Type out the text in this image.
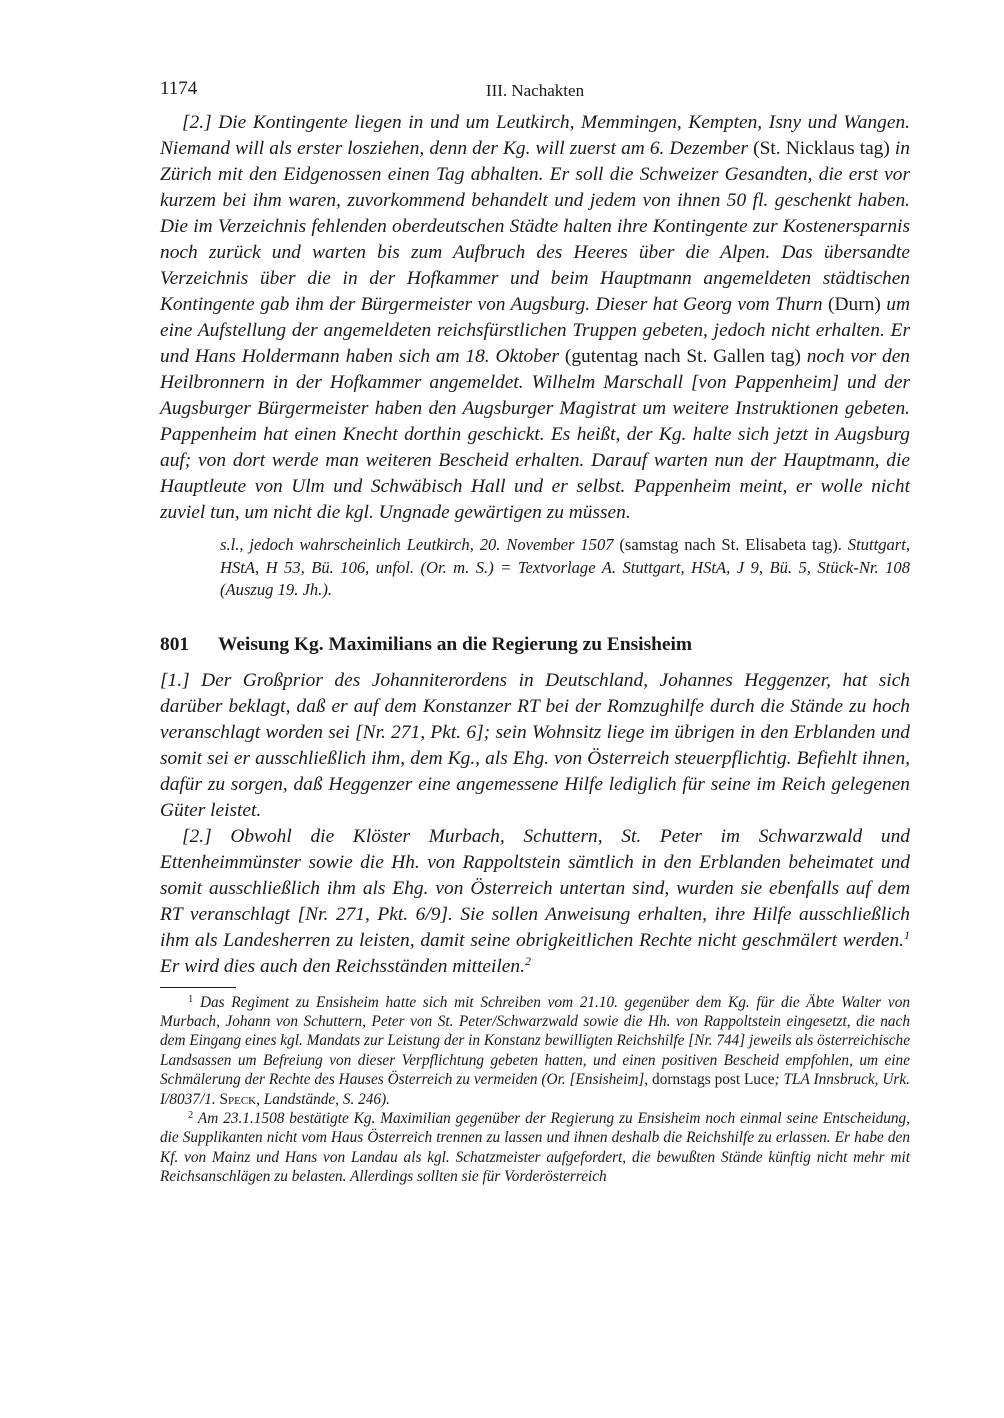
1174	III. Nachakten

[2.] Die Kontingente liegen in und um Leutkirch, Memmingen, Kempten, Isny und Wangen. Niemand will als erster losziehen, denn der Kg. will zuerst am 6. Dezember (St. Nicklaus tag) in Zürich mit den Eidgenossen einen Tag abhalten. Er soll die Schweizer Gesandten, die erst vor kurzem bei ihm waren, zuvorkommend behandelt und jedem von ihnen 50 fl. geschenkt haben. Die im Verzeichnis fehlenden oberdeutschen Städte halten ihre Kontingente zur Kostenersparnis noch zurück und warten bis zum Aufbruch des Heeres über die Alpen. Das übersandte Verzeichnis über die in der Hofkammer und beim Hauptmann angemeldeten städtischen Kontingente gab ihm der Bürgermeister von Augsburg. Dieser hat Georg vom Thurn (Durn) um eine Aufstellung der angemeldeten reichsfürstlichen Truppen gebeten, jedoch nicht erhalten. Er und Hans Holdermann haben sich am 18. Oktober (gutentag nach St. Gallen tag) noch vor den Heilbronnern in der Hofkammer angemeldet. Wilhelm Marschall [von Pappenheim] und der Augsburger Bürgermeister haben den Augsburger Magistrat um weitere Instruktionen gebeten. Pappenheim hat einen Knecht dorthin geschickt. Es heißt, der Kg. halte sich jetzt in Augsburg auf; von dort werde man weiteren Bescheid erhalten. Darauf warten nun der Hauptmann, die Hauptleute von Ulm und Schwäbisch Hall und er selbst. Pappenheim meint, er wolle nicht zuviel tun, um nicht die kgl. Ungnade gewärtigen zu müssen.

s.l., jedoch wahrscheinlich Leutkirch, 20. November 1507 (samstag nach St. Elisabeta tag). Stuttgart, HStA, H 53, Bü. 106, unfol. (Or. m. S.) = Textvorlage A. Stuttgart, HStA, J 9, Bü. 5, Stück-Nr. 108 (Auszug 19. Jh.).

801	Weisung Kg. Maximilians an die Regierung zu Ensisheim

[1.] Der Großprior des Johanniterordens in Deutschland, Johannes Heggenzer, hat sich darüber beklagt, daß er auf dem Konstanzer RT bei der Romzughilfe durch die Stände zu hoch veranschlagt worden sei [Nr. 271, Pkt. 6]; sein Wohnsitz liege im übrigen in den Erblanden und somit sei er ausschließlich ihm, dem Kg., als Ehg. von Österreich steuerpflichtig. Befiehlt ihnen, dafür zu sorgen, daß Heggenzer eine angemessene Hilfe lediglich für seine im Reich gelegenen Güter leistet.

[2.] Obwohl die Klöster Murbach, Schuttern, St. Peter im Schwarzwald und Ettenheimmünster sowie die Hh. von Rappoltstein sämtlich in den Erblanden beheimatet und somit ausschließlich ihm als Ehg. von Österreich untertan sind, wurden sie ebenfalls auf dem RT veranschlagt [Nr. 271, Pkt. 6/9]. Sie sollen Anweisung erhalten, ihre Hilfe ausschließlich ihm als Landesherren zu leisten, damit seine obrigkeitlichen Rechte nicht geschmälert werden.$^1$ Er wird dies auch den Reichsständen mitteilen.$^2$

$^1$ Das Regiment zu Ensisheim hatte sich mit Schreiben vom 21.10. gegenüber dem Kg. für die Äbte Walter von Murbach, Johann von Schuttern, Peter von St. Peter/Schwarzwald sowie die Hh. von Rappoltstein eingesetzt, die nach dem Eingang eines kgl. Mandats zur Leistung der in Konstanz bewilligten Reichshilfe [Nr. 744] jeweils als österreichische Landsassen um Befreiung von dieser Verpflichtung gebeten hatten, und einen positiven Bescheid empfohlen, um eine Schmälerung der Rechte des Hauses Österreich zu vermeiden (Or. [Ensisheim], dornstags post Luce; TLA Innsbruck, Urk. I/8037/1. Speck, Landstände, S. 246).

$^2$ Am 23.1.1508 bestätigte Kg. Maximilian gegenüber der Regierung zu Ensisheim noch einmal seine Entscheidung, die Supplikanten nicht vom Haus Österreich trennen zu lassen und ihnen deshalb die Reichshilfe zu erlassen. Er habe den Kf. von Mainz und Hans von Landau als kgl. Schatzmeister aufgefordert, die bewußten Stände künftig nicht mehr mit Reichsanschlägen zu belasten. Allerdings sollten sie für Vorderösterreich
